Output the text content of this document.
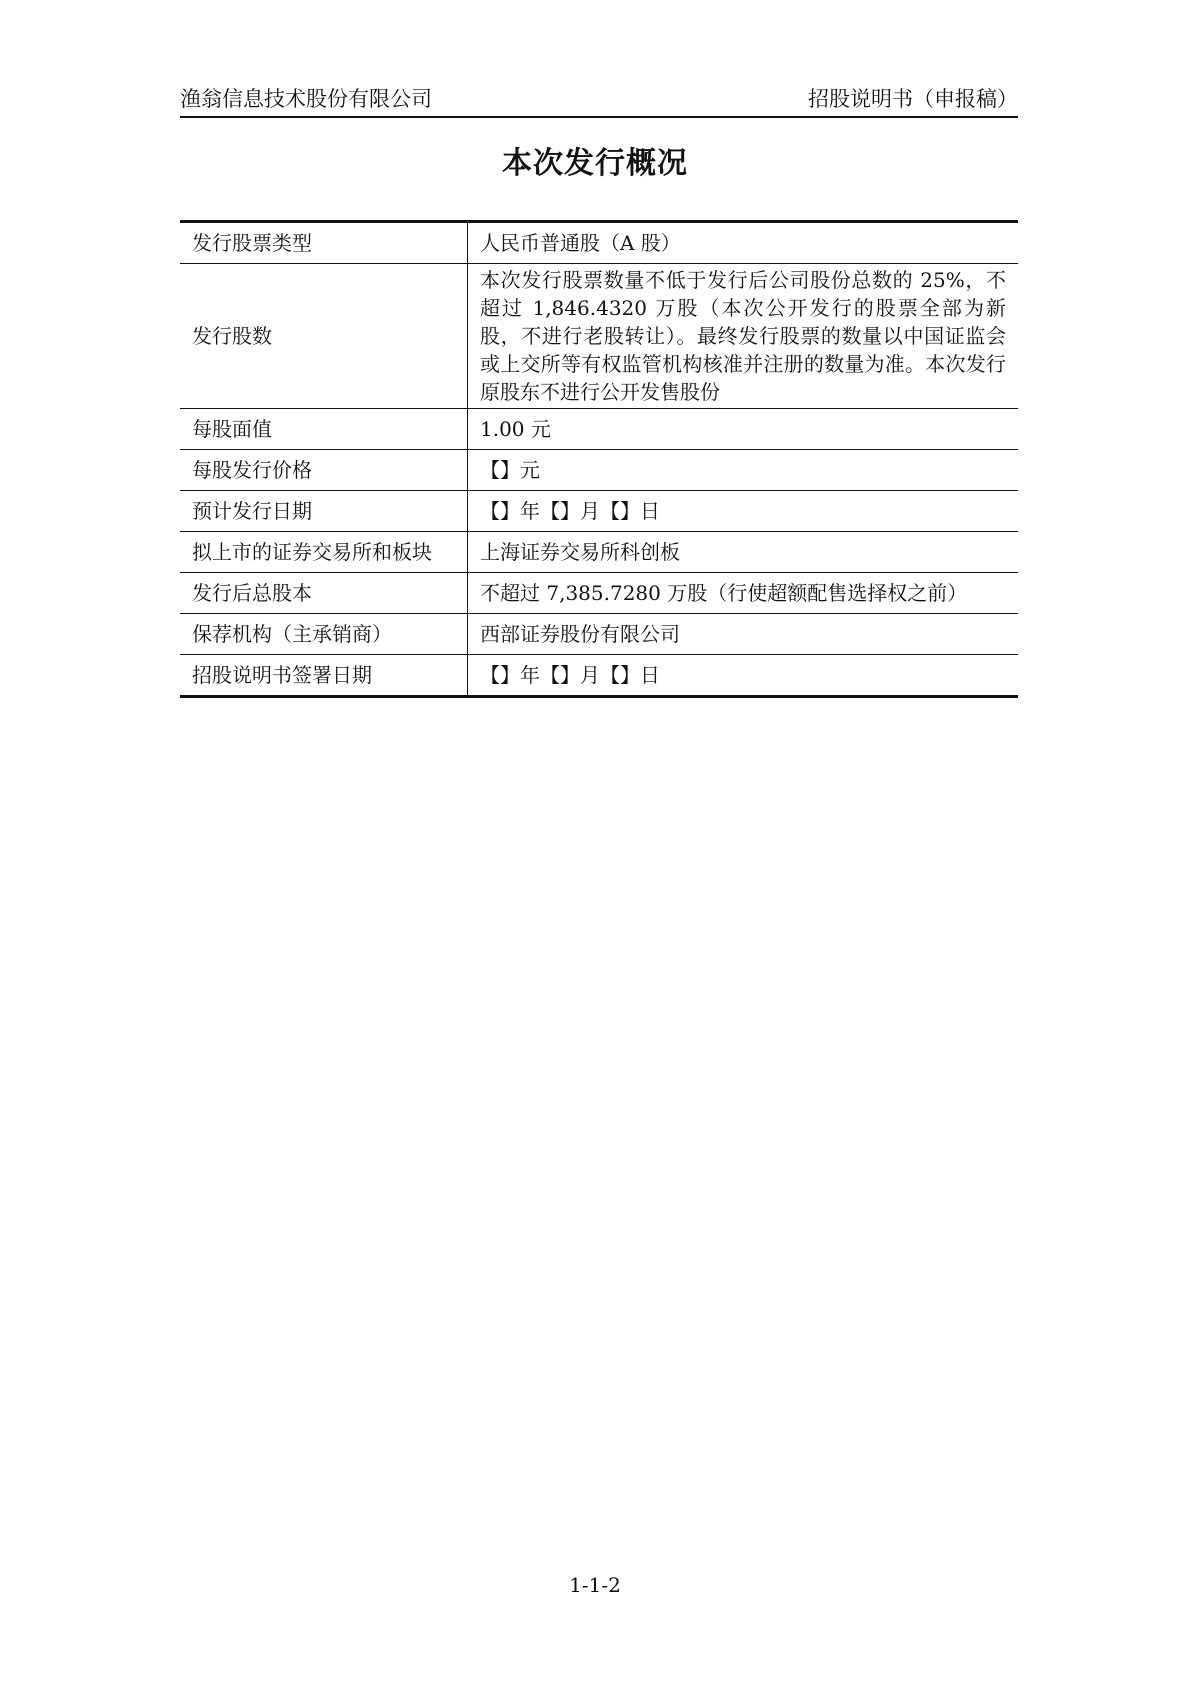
渔翁信息技术股份有限公司	招股说明书（申报稿）
本次发行概况
发行股票类型	人民币普通股（A 股）
发行股数	本次发行股票数量不低于发行后公司股份总数的 25%，不超过 1,846.4320 万股（本次公开发行的股票全部为新股，不进行老股转让）。最终发行股票的数量以中国证监会或上交所等有权监管机构核准并注册的数量为准。本次发行原股东不进行公开发售股份

每股面值	1.00 元
每股发行价格	【】元
预计发行日期	【】年【】月【】日
拟上市的证券交易所和板块	上海证券交易所科创板
发行后总股本	不超过 7,385.7280 万股（行使超额配售选择权之前）
保荐机构（主承销商）	西部证券股份有限公司
招股说明书签署日期	【】年【】月【】日
1-1-2
